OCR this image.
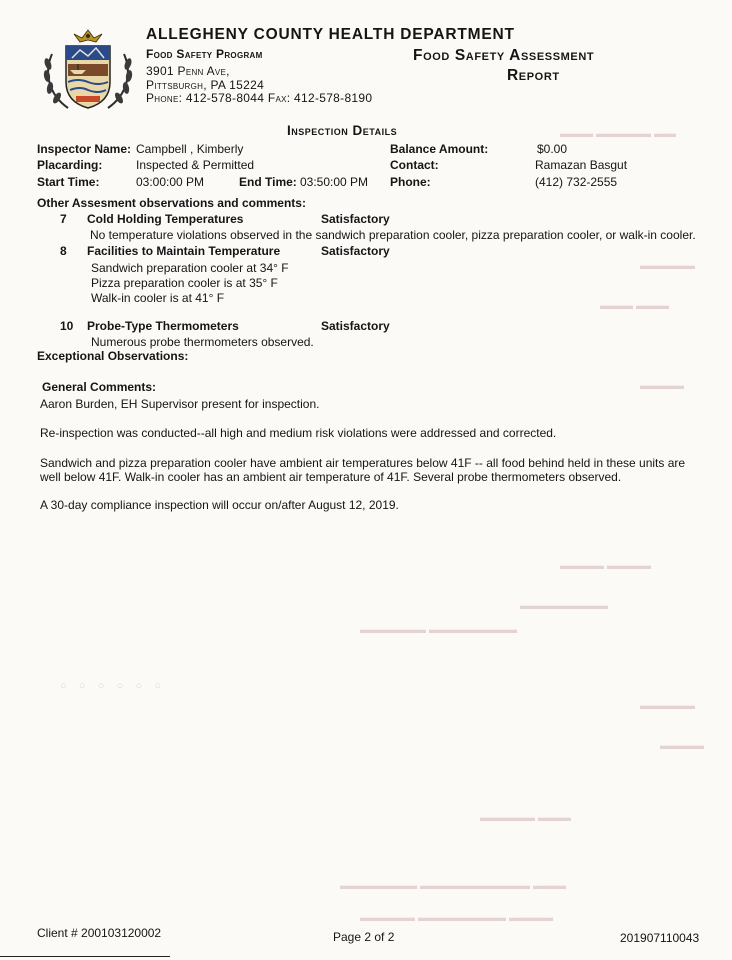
▬▬▬ ▬▬▬▬▬ ▬▬
▬▬▬▬▬
▬▬▬ ▬▬▬
▬▬▬▬
▬▬▬▬ ▬▬▬▬
▬▬▬▬▬▬▬▬
▬▬▬▬▬▬ ▬▬▬▬▬▬▬▬
○    ○    ○    ○    ○    ○
▬▬▬▬▬
▬▬▬▬
▬▬▬▬▬ ▬▬▬
▬▬▬▬▬▬▬ ▬▬▬▬▬▬▬▬▬▬ ▬▬▬
▬▬▬▬▬ ▬▬▬▬▬▬▬▬ ▬▬▬▬
ALLEGHENY COUNTY HEALTH DEPARTMENT
Food Safety Program
3901 Penn Ave,
Pittsburgh, PA 15224
Phone: 412-578-8044 Fax: 412-578-8190
Food Safety Assessment
Report
Inspection Details
Inspector Name: Campbell , Kimberly
Placarding:	Inspected & Permitted
Start Time:	03:00:00 PM	End Time: 03:50:00 PM
Balance Amount:	$0.00
Contact:	Ramazan Basgut
Phone:	(412) 732-2555
Other Assesment observations and comments:
7 Cold Holding Temperatures	Satisfactory
No temperature violations observed in the sandwich preparation cooler, pizza preparation cooler, or walk-in cooler.
8 Facilities to Maintain Temperature	Satisfactory
Sandwich preparation cooler at 34° F
Pizza preparation cooler is at 35° F
Walk-in cooler is at 41° F
10 Probe-Type Thermometers	Satisfactory
Numerous probe thermometers observed.
Exceptional Observations:
General Comments:
Aaron Burden, EH Supervisor present for inspection.
Re-inspection was conducted--all high and medium risk violations were addressed and corrected.
Sandwich and pizza preparation cooler have ambient air temperatures below 41F -- all food behind held in these units are
well below 41F. Walk-in cooler has an ambient air temperature of 41F. Several probe thermometers observed.
A 30-day compliance inspection will occur on/after August 12, 2019.
Client # 200103120002	Page 2 of 2	201907110043
